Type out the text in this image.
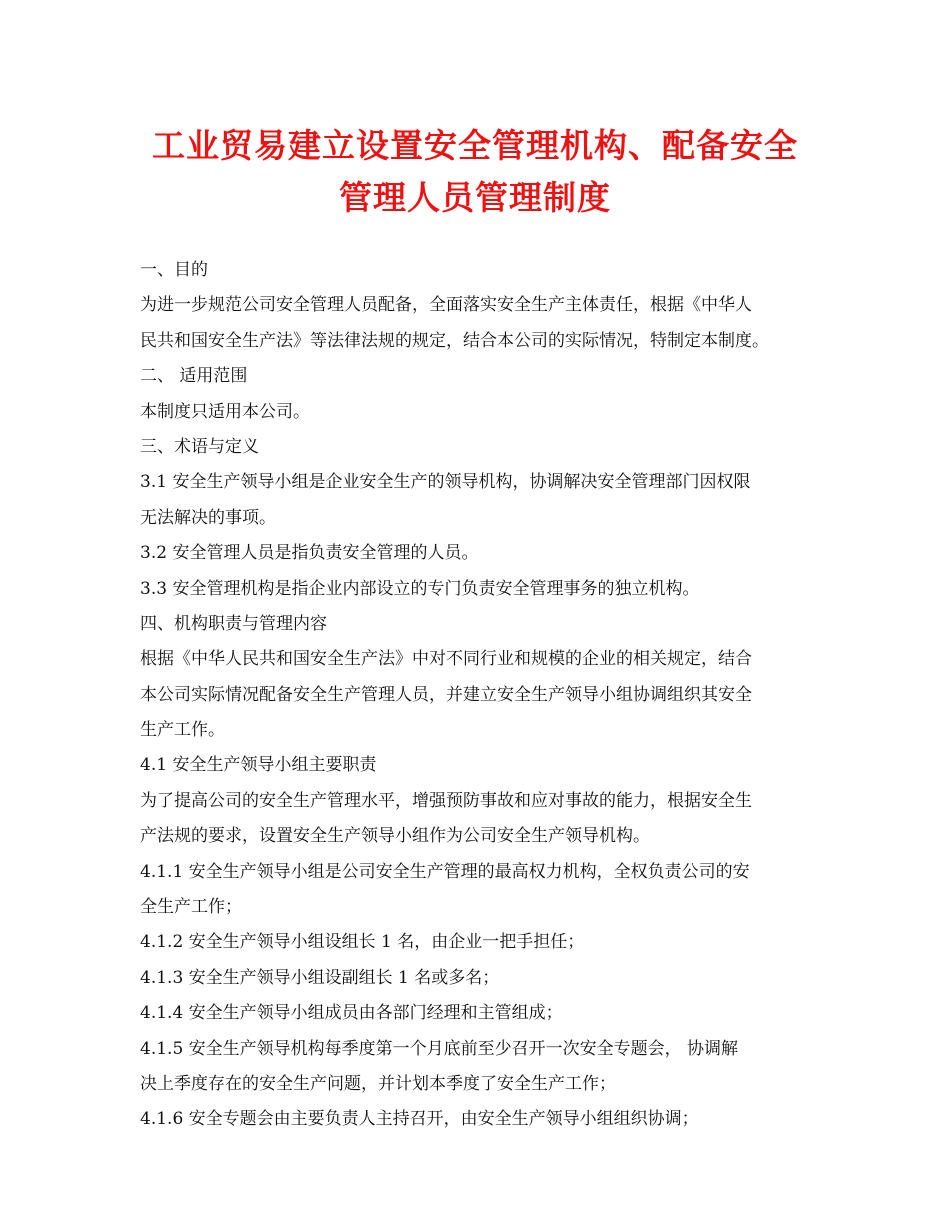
工业贸易建立设置安全管理机构、配备安全
管理人员管理制度
一、目的
为进一步规范公司安全管理人员配备，全面落实安全生产主体责任，根据《中华人
民共和国安全生产法》等法律法规的规定，结合本公司的实际情况，特制定本制度。
二、 适用范围
本制度只适用本公司。
三、术语与定义
3.1 安全生产领导小组是企业安全生产的领导机构，协调解决安全管理部门因权限
无法解决的事项。
3.2 安全管理人员是指负责安全管理的人员。
3.3 安全管理机构是指企业内部设立的专门负责安全管理事务的独立机构。
四、机构职责与管理内容
根据《中华人民共和国安全生产法》中对不同行业和规模的企业的相关规定，结合
本公司实际情况配备安全生产管理人员，并建立安全生产领导小组协调组织其安全
生产工作。
4.1 安全生产领导小组主要职责
为了提高公司的安全生产管理水平，增强预防事故和应对事故的能力，根据安全生
产法规的要求，设置安全生产领导小组作为公司安全生产领导机构。
4.1.1 安全生产领导小组是公司安全生产管理的最高权力机构，全权负责公司的安
全生产工作；
4.1.2 安全生产领导小组设组长 1 名，由企业一把手担任；
4.1.3 安全生产领导小组设副组长 1 名或多名；
4.1.4 安全生产领导小组成员由各部门经理和主管组成；
4.1.5 安全生产领导机构每季度第一个月底前至少召开一次安全专题会， 协调解
决上季度存在的安全生产问题，并计划本季度了安全生产工作；
4.1.6 安全专题会由主要负责人主持召开，由安全生产领导小组组织协调；
